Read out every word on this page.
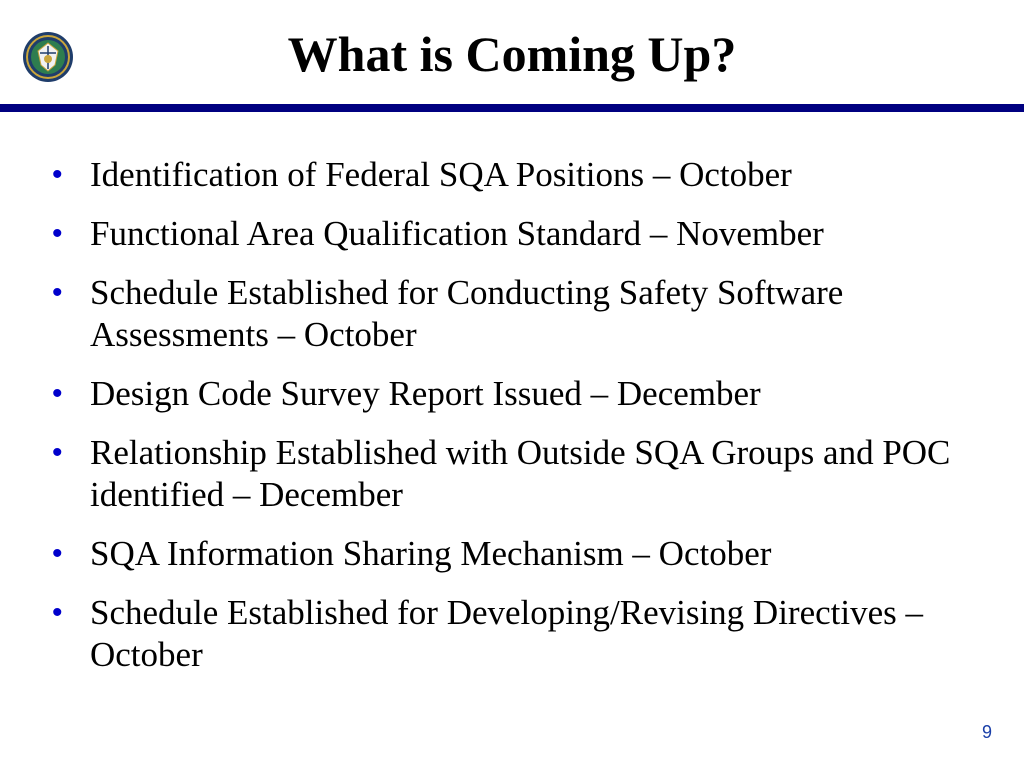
What is Coming Up?
• Identification of Federal SQA Positions – October
• Functional Area Qualification Standard – November
• Schedule Established for Conducting Safety Software Assessments – October
• Design Code Survey Report Issued – December
• Relationship Established with Outside SQA Groups and POC identified – December
• SQA Information Sharing Mechanism – October
• Schedule Established for Developing/Revising Directives – October
9
